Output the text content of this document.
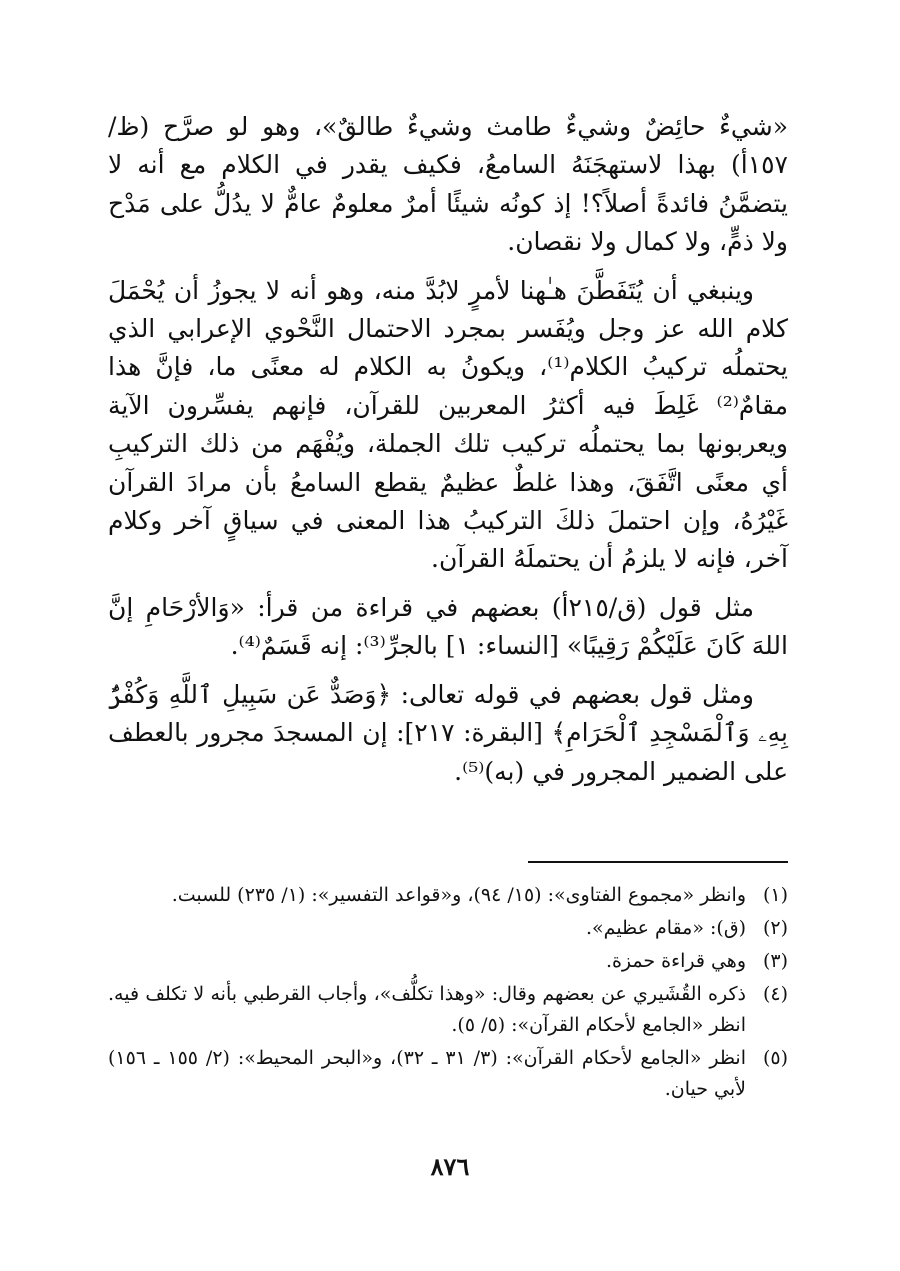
«شيءٌ حائِضٌ وشيءٌ طامث وشيءٌ طالقٌ»، وهو لو صرَّح (ظ/١٥٧أ) بهذا لاستهجَنَهُ السامعُ، فكيف يقدر في الكلام مع أنه لا يتضمَّنُ فائدةً أصلاً؟! إذ كونُه شيئًا أمرٌ معلومٌ عامٌّ لا يدُلُّ على مَدْح ولا ذمٍّ، ولا كمال ولا نقصان.

وينبغي أن يُتَفَطَّنَ هـٰهنا لأمرٍ لابُدَّ منه، وهو أنه لا يجوزُ أن يُحْمَلَ كلام الله عز وجل ويُفَسر بمجرد الاحتمال النَّحْوي الإعرابي الذي يحتملُه تركيبُ الكلام⁽¹⁾، ويكونُ به الكلام له معنًى ما، فإنَّ هذا مقامٌ⁽²⁾ غَلِطَ فيه أكثرُ المعربين للقرآن، فإنهم يفسِّرون الآية ويعربونها بما يحتملُه تركيب تلك الجملة، ويُفْهَم من ذلك التركيبِ أي معنًى اتَّفَقَ، وهذا غلطٌ عظيمٌ يقطع السامعُ بأن مرادَ القرآن غَيْرُهُ، وإن احتملَ ذلكَ التركيبُ هذا المعنى في سياقٍ آخر وكلام آخر، فإنه لا يلزمُ أن يحتملَهُ القرآن.

مثل قول (ق/٢١٥أ) بعضهم في قراءة من قرأ: «وَالأرْحَامِ إنَّ اللهَ كَانَ عَلَيْكُمْ رَقِيبًا» [النساء: ١] بالجرِّ⁽³⁾: إنه قَسَمٌ⁽⁴⁾.

ومثل قول بعضهم في قوله تعالى: ﴿وَصَدٌّ عَن سَبِيلِ ٱللَّهِ وَكُفْرٌۢ بِهِۦ وَٱلْمَسْجِدِ ٱلْحَرَامِ﴾ [البقرة: ٢١٧]: إن المسجدَ مجرور بالعطف على الضمير المجرور في (به)⁽⁵⁾.

(١)
وانظر «مجموع الفتاوى»: (١٥/ ٩٤)، و«قواعد التفسير»: (١/ ٢٣٥) للسبت.
(٢)
(ق): «مقام عظيم».
(٣)
وهي قراءة حمزة.
(٤)
ذكره القُشَيري عن بعضهم وقال: «وهذا تكلُّف»، وأجاب القرطبي بأنه لا تكلف فيه. انظر «الجامع لأحكام القرآن»: (٥/ ٥).
(٥)
انظر «الجامع لأحكام القرآن»: (٣/ ٣١ ـ ٣٢)، و«البحر المحيط»: (٢/ ١٥٥ ـ ١٥٦) لأبي حيان.
٨٧٦
